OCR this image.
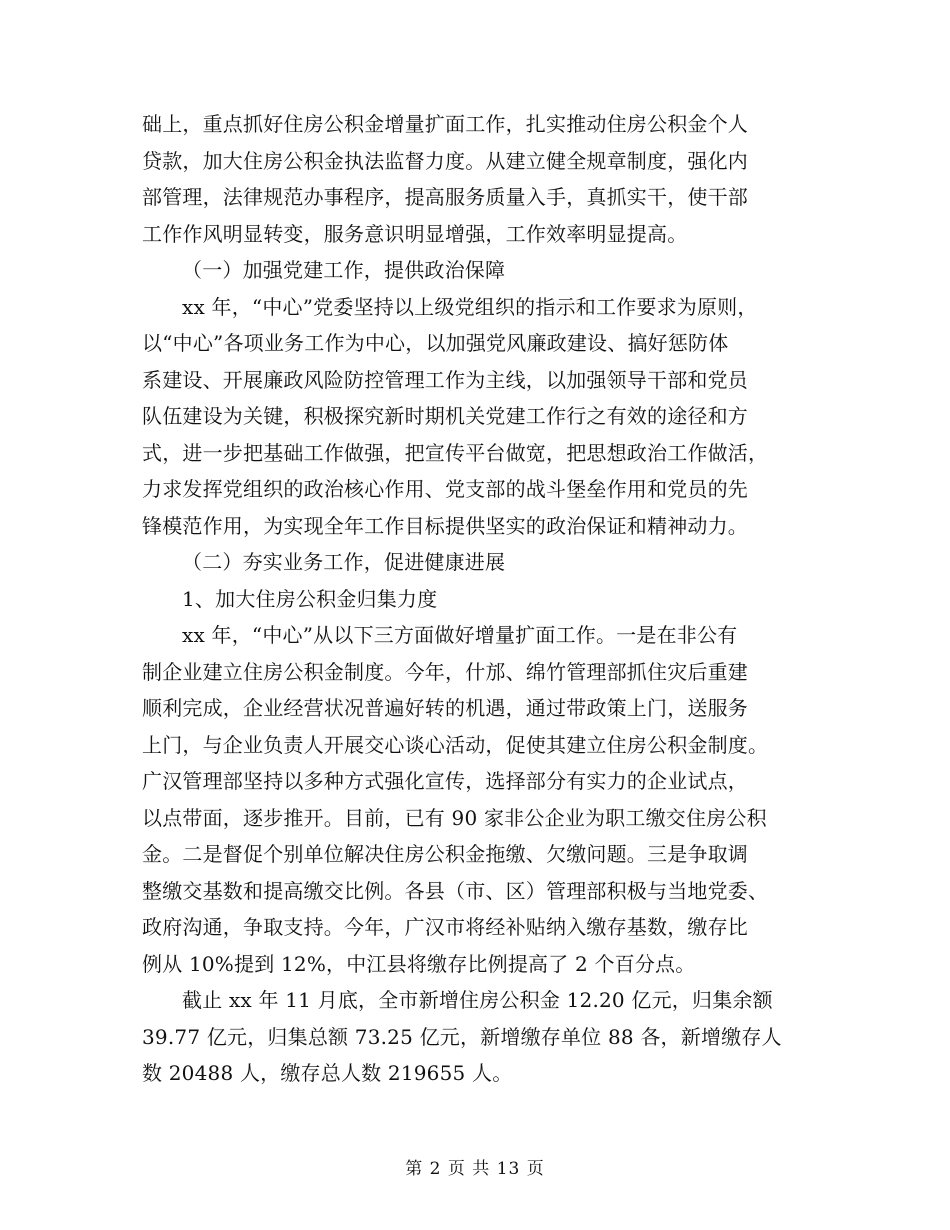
础上，重点抓好住房公积金增量扩面工作，扎实推动住房公积金个人
贷款，加大住房公积金执法监督力度。从建立健全规章制度，强化内
部管理，法律规范办事程序，提高服务质量入手，真抓实干，使干部
工作作风明显转变，服务意识明显增强，工作效率明显提高。
（一）加强党建工作，提供政治保障
xx 年，“中心”党委坚持以上级党组织的指示和工作要求为原则，
以“中心”各项业务工作为中心，以加强党风廉政建设、搞好惩防体
系建设、开展廉政风险防控管理工作为主线，以加强领导干部和党员
队伍建设为关键，积极探究新时期机关党建工作行之有效的途径和方
式，进一步把基础工作做强，把宣传平台做宽，把思想政治工作做活，
力求发挥党组织的政治核心作用、党支部的战斗堡垒作用和党员的先
锋模范作用，为实现全年工作目标提供坚实的政治保证和精神动力。
（二）夯实业务工作，促进健康进展
1、加大住房公积金归集力度
xx 年，“中心”从以下三方面做好增量扩面工作。一是在非公有
制企业建立住房公积金制度。今年，什邡、绵竹管理部抓住灾后重建
顺利完成，企业经营状况普遍好转的机遇，通过带政策上门，送服务
上门，与企业负责人开展交心谈心活动，促使其建立住房公积金制度。
广汉管理部坚持以多种方式强化宣传，选择部分有实力的企业试点，
以点带面，逐步推开。目前，已有 90 家非公企业为职工缴交住房公积
金。二是督促个别单位解决住房公积金拖缴、欠缴问题。三是争取调
整缴交基数和提高缴交比例。各县（市、区）管理部积极与当地党委、
政府沟通，争取支持。今年，广汉市将经补贴纳入缴存基数，缴存比
例从 10%提到 12%，中江县将缴存比例提高了 2 个百分点。
截止 xx 年 11 月底，全市新增住房公积金 12.20 亿元，归集余额
39.77 亿元，归集总额 73.25 亿元，新增缴存单位 88 各，新增缴存人
数 20488 人，缴存总人数 219655 人。
第 2 页 共 13 页
